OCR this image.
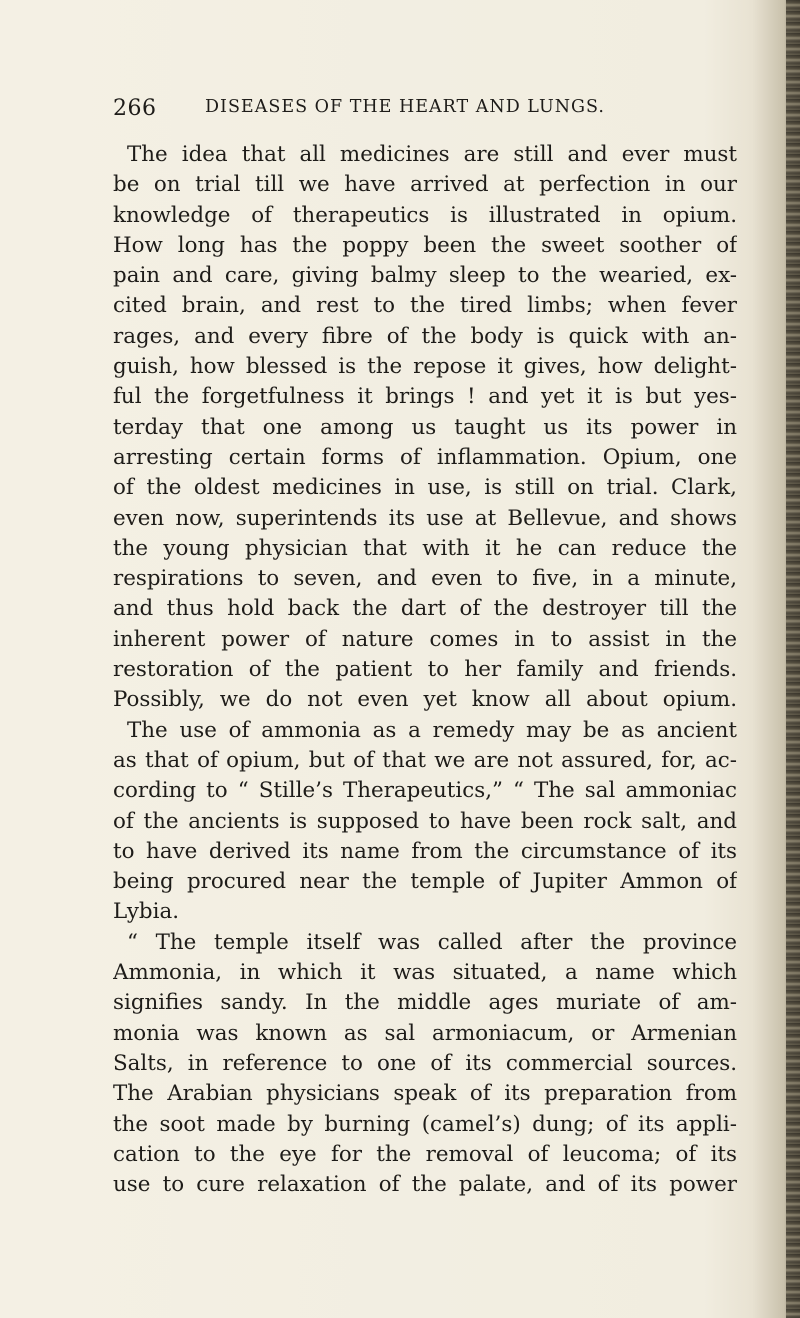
266	DISEASES OF THE HEART AND LUNGS.
The idea that all medicines are still and ever must
be on trial till we have arrived at perfection in our
knowledge of therapeutics is illustrated in opium.
How long has the poppy been the sweet soother of
pain and care, giving balmy sleep to the wearied, ex-
cited brain, and rest to the tired limbs; when fever
rages, and every fibre of the body is quick with an-
guish, how blessed is the repose it gives, how delight-
ful the forgetfulness it brings ! and yet it is but yes-
terday that one among us taught us its power in
arresting certain forms of inflammation. Opium, one
of the oldest medicines in use, is still on trial. Clark,
even now, superintends its use at Bellevue, and shows
the young physician that with it he can reduce the
respirations to seven, and even to five, in a minute,
and thus hold back the dart of the destroyer till the
inherent power of nature comes in to assist in the
restoration of the patient to her family and friends.
Possibly, we do not even yet know all about opium.
The use of ammonia as a remedy may be as ancient
as that of opium, but of that we are not assured, for, ac-
cording to “ Stille’s Therapeutics,” “ The sal ammoniac
of the ancients is supposed to have been rock salt, and
to have derived its name from the circumstance of its
being procured near the temple of Jupiter Ammon of
Lybia.
“ The temple itself was called after the province
Ammonia, in which it was situated, a name which
signifies sandy. In the middle ages muriate of am-
monia was known as sal armoniacum, or Armenian
Salts, in reference to one of its commercial sources.
The Arabian physicians speak of its preparation from
the soot made by burning (camel’s) dung; of its appli-
cation to the eye for the removal of leucoma; of its
use to cure relaxation of the palate, and of its power
